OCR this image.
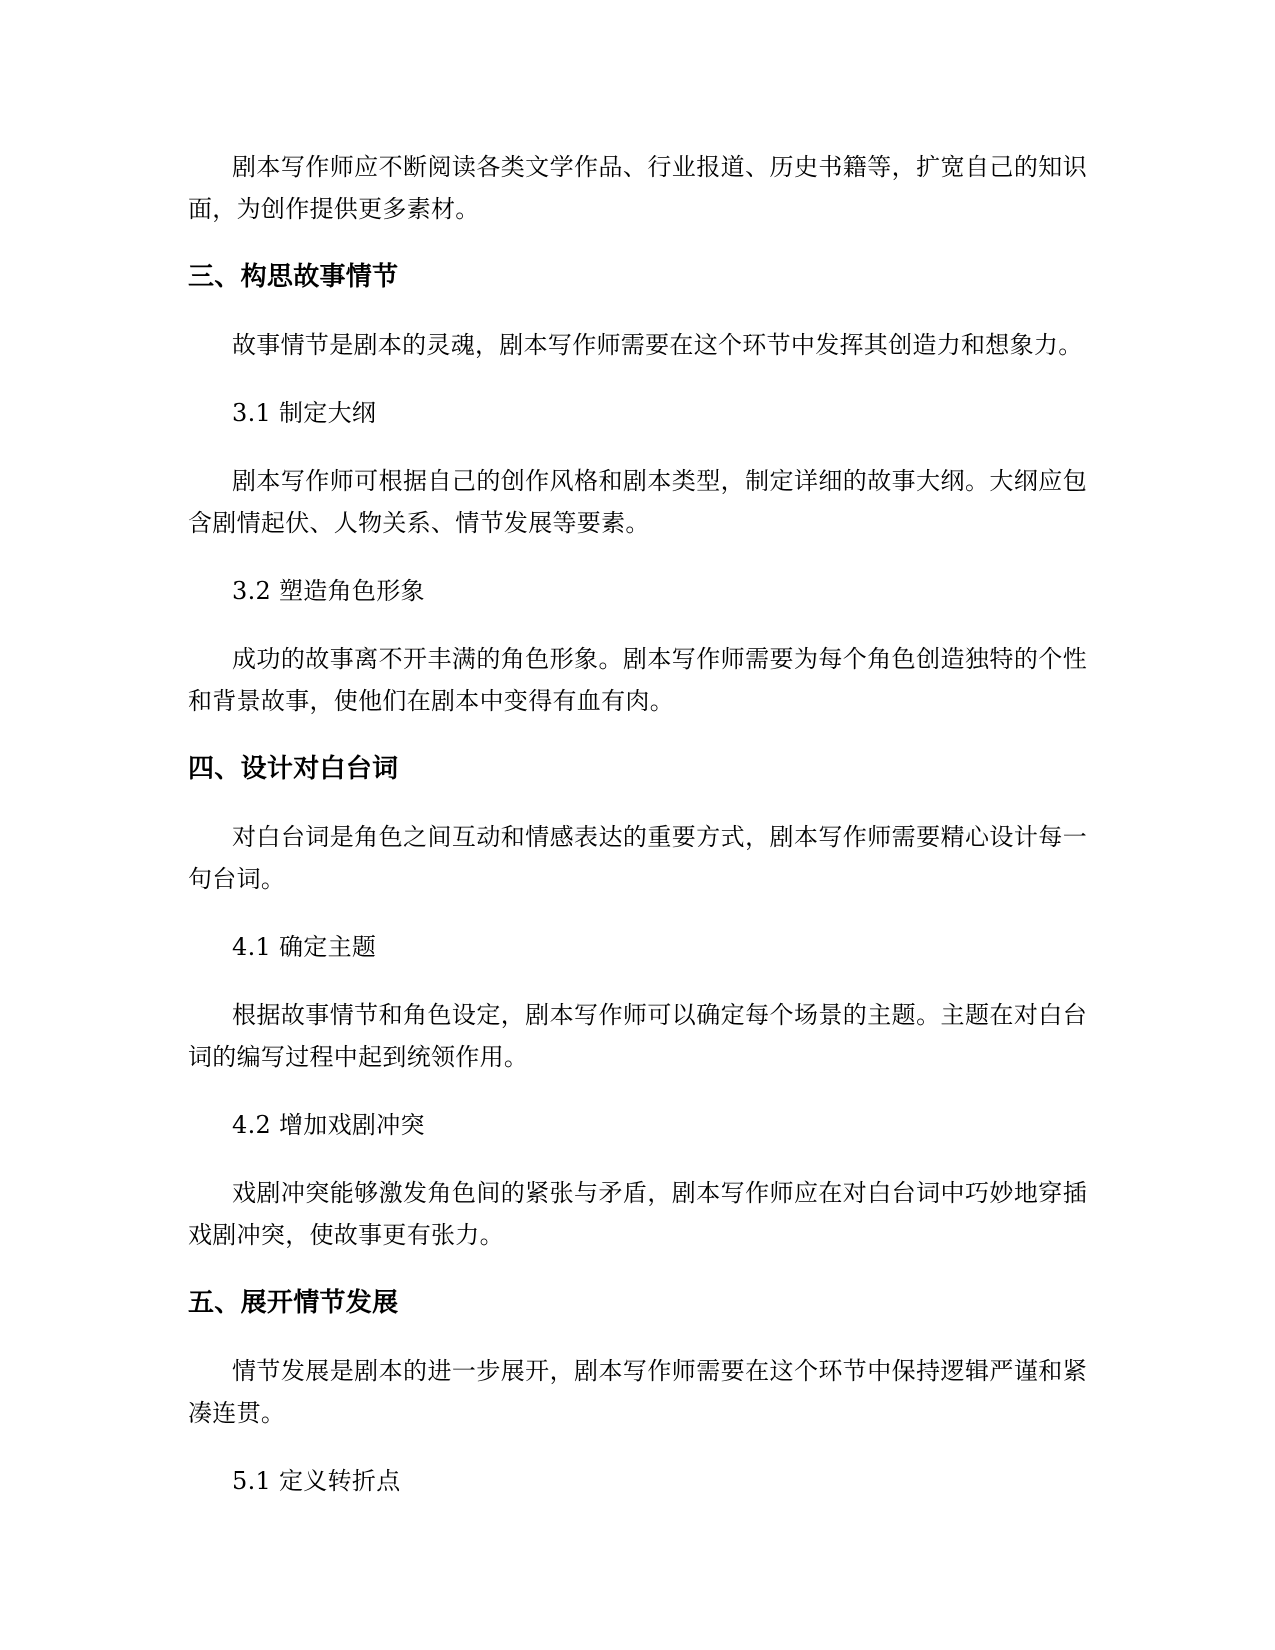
剧本写作师应不断阅读各类文学作品、行业报道、历史书籍等，扩宽自己的知识面，为创作提供更多素材。

三、构思故事情节

故事情节是剧本的灵魂，剧本写作师需要在这个环节中发挥其创造力和想象力。

3.1 制定大纲

剧本写作师可根据自己的创作风格和剧本类型，制定详细的故事大纲。大纲应包含剧情起伏、人物关系、情节发展等要素。

3.2 塑造角色形象

成功的故事离不开丰满的角色形象。剧本写作师需要为每个角色创造独特的个性和背景故事，使他们在剧本中变得有血有肉。

四、设计对白台词

对白台词是角色之间互动和情感表达的重要方式，剧本写作师需要精心设计每一句台词。

4.1 确定主题

根据故事情节和角色设定，剧本写作师可以确定每个场景的主题。主题在对白台词的编写过程中起到统领作用。

4.2 增加戏剧冲突

戏剧冲突能够激发角色间的紧张与矛盾，剧本写作师应在对白台词中巧妙地穿插戏剧冲突，使故事更有张力。

五、展开情节发展

情节发展是剧本的进一步展开，剧本写作师需要在这个环节中保持逻辑严谨和紧凑连贯。

5.1 定义转折点
